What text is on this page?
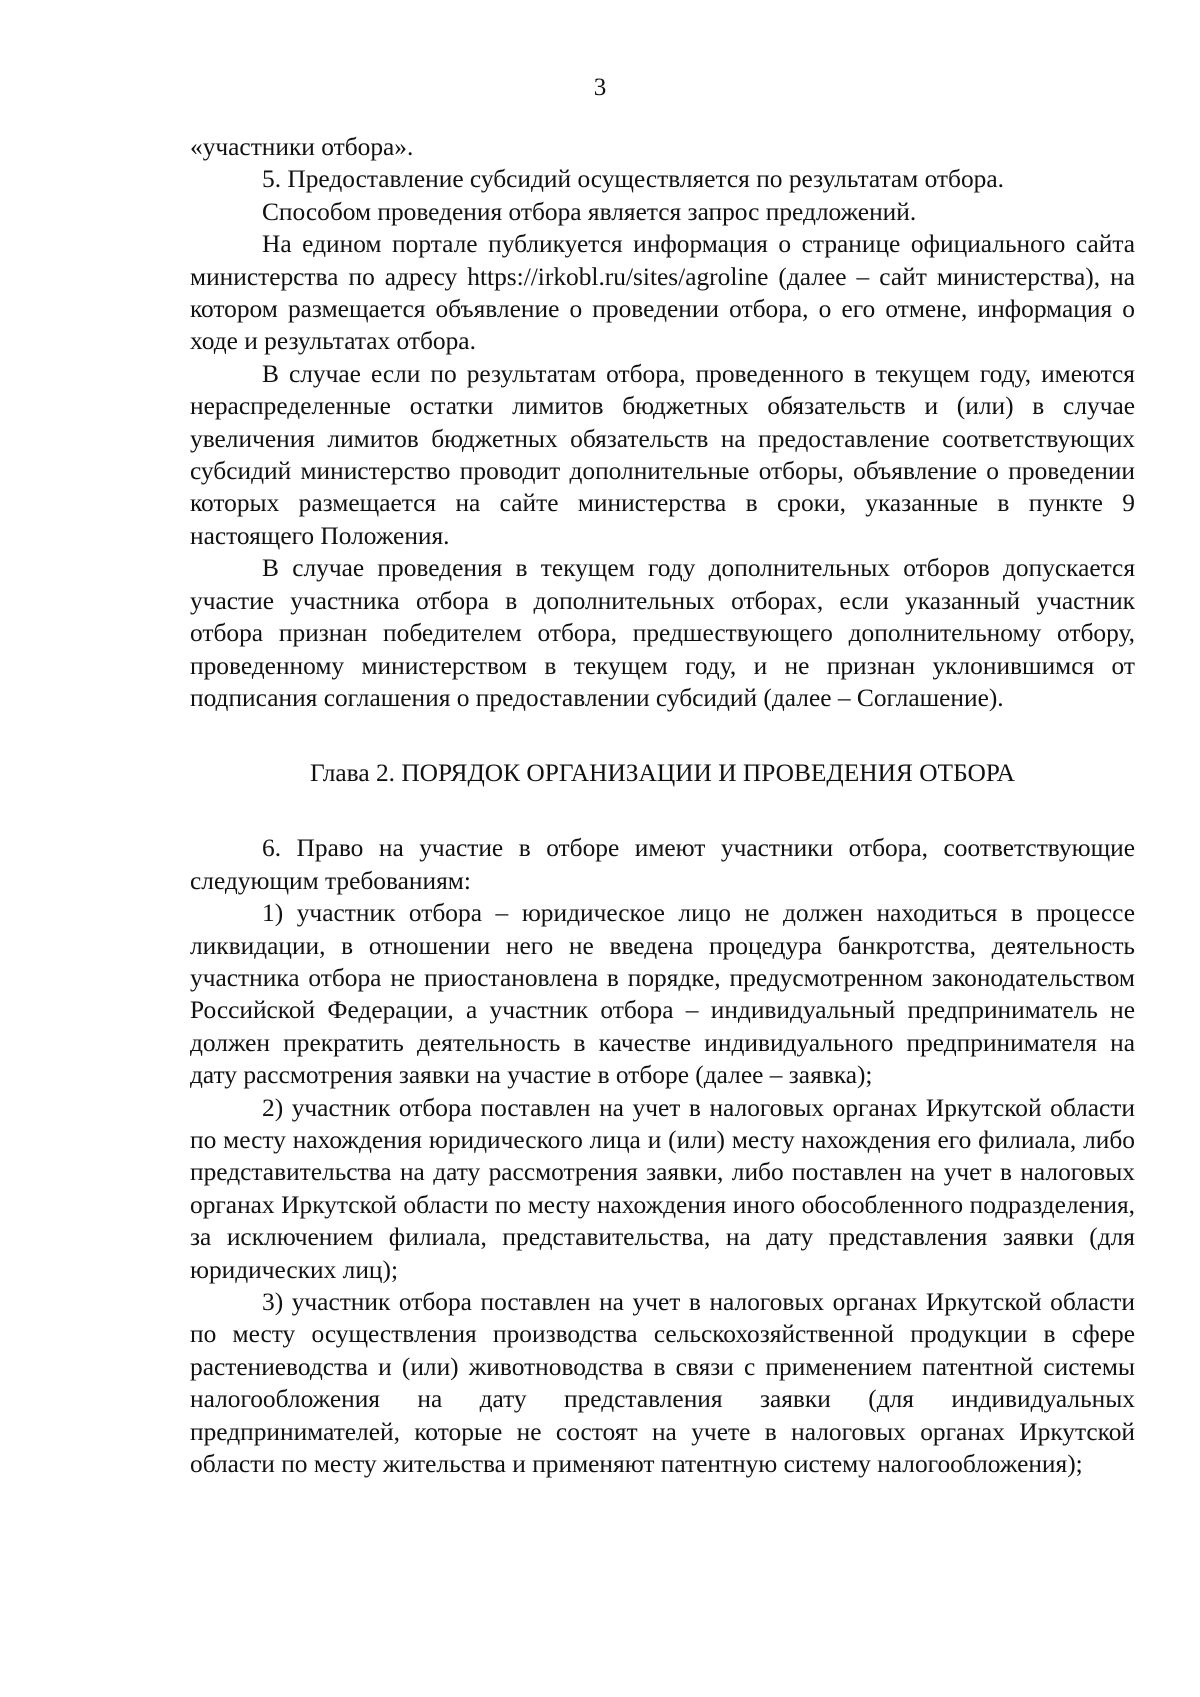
3

«участники отбора».

5. Предоставление субсидий осуществляется по результатам отбора.

Способом проведения отбора является запрос предложений.

На едином портале публикуется информация о странице официального сайта министерства по адресу https://irkobl.ru/sites/agroline (далее – сайт министерства), на котором размещается объявление о проведении отбора, о его отмене, информация о ходе и результатах отбора.

В случае если по результатам отбора, проведенного в текущем году, имеются нераспределенные остатки лимитов бюджетных обязательств и (или) в случае увеличения лимитов бюджетных обязательств на предоставление соответствующих субсидий министерство проводит дополнительные отборы, объявление о проведении которых размещается на сайте министерства в сроки, указанные в пункте 9 настоящего Положения.

В случае проведения в текущем году дополнительных отборов допускается участие участника отбора в дополнительных отборах, если указанный участник отбора признан победителем отбора, предшествующего дополнительному отбору, проведенному министерством в текущем году, и не признан уклонившимся от подписания соглашения о предоставлении субсидий (далее – Соглашение).

Глава 2. ПОРЯДОК ОРГАНИЗАЦИИ И ПРОВЕДЕНИЯ ОТБОРА

6. Право на участие в отборе имеют участники отбора, соответствующие следующим требованиям:

1) участник отбора – юридическое лицо не должен находиться в процессе ликвидации, в отношении него не введена процедура банкротства, деятельность участника отбора не приостановлена в порядке, предусмотренном законодательством Российской Федерации, а участник отбора – индивидуальный предприниматель не должен прекратить деятельность в качестве индивидуального предпринимателя на дату рассмотрения заявки на участие в отборе (далее – заявка);

2) участник отбора поставлен на учет в налоговых органах Иркутской области по месту нахождения юридического лица и (или) месту нахождения его филиала, либо представительства на дату рассмотрения заявки, либо поставлен на учет в налоговых органах Иркутской области по месту нахождения иного обособленного подразделения, за исключением филиала, представительства, на дату представления заявки (для юридических лиц);

3) участник отбора поставлен на учет в налоговых органах Иркутской области по месту осуществления производства сельскохозяйственной продукции в сфере растениеводства и (или) животноводства в связи с применением патентной системы налогообложения на дату представления заявки (для индивидуальных предпринимателей, которые не состоят на учете в налоговых органах Иркутской области по месту жительства и применяют патентную систему налогообложения);
